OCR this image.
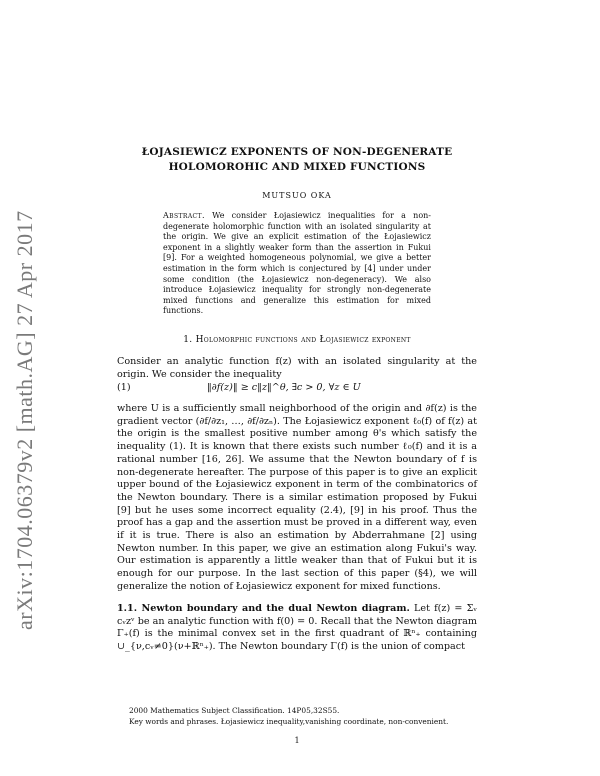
arXiv:1704.06379v2 [math.AG] 27 Apr 2017
ŁOJASIEWICZ EXPONENTS OF NON-DEGENERATE
HOLOMOROHIC AND MIXED FUNCTIONS
MUTSUO OKA
Abstract. We consider Łojasiewicz inequalities for a non-degenerate holomorphic function with an isolated singularity at the origin. We give an explicit estimation of the Łojasiewicz exponent in a slightly weaker form than the assertion in Fukui [9]. For a weighted homogeneous polynomial, we give a better estimation in the form which is conjectured by [4] under under some condition (the Łojasiewicz non-degeneracy). We also introduce Łojasiewicz inequality for strongly non-degenerate mixed functions and generalize this estimation for mixed functions.
1. Holomorphic functions and Łojasiewicz exponent
Consider an analytic function f(z) with an isolated singularity at the origin. We consider the inequality
(1)	‖∂f(z)‖ ≥ c‖z‖^θ, ∃c > 0, ∀z ∈ U
where U is a sufficiently small neighborhood of the origin and ∂f(z) is the gradient vector (∂f/∂z₁, …, ∂f/∂zₙ). The Łojasiewicz exponent ℓ₀(f) of f(z) at the origin is the smallest positive number among θ's which satisfy the inequality (1). It is known that there exists such number ℓ₀(f) and it is a rational number [16, 26]. We assume that the Newton boundary of f is non-degenerate hereafter. The purpose of this paper is to give an explicit upper bound of the Łojasiewicz exponent in term of the combinatorics of the Newton boundary. There is a similar estimation proposed by Fukui [9] but he uses some incorrect equality (2.4), [9] in his proof. Thus the proof has a gap and the assertion must be proved in a different way, even if it is true. There is also an estimation by Abderrahmane [2] using Newton number. In this paper, we give an estimation along Fukui's way. Our estimation is apparently a little weaker than that of Fukui but it is enough for our purpose. In the last section of this paper (§4), we will generalize the notion of Łojasiewicz exponent for mixed functions.
1.1. Newton boundary and the dual Newton diagram. Let f(z) = Σᵥ cᵥzᵛ be an analytic function with f(0) = 0. Recall that the Newton diagram Γ₊(f) is the minimal convex set in the first quadrant of ℝⁿ₊ containing ∪_{ν,cᵥ≠0}(ν+ℝⁿ₊). The Newton boundary Γ(f) is the union of compact
2000 Mathematics Subject Classification. 14P05,32S55.
Key words and phrases. Łojasiewicz inequality,vanishing coordinate, non-convenient.
1
